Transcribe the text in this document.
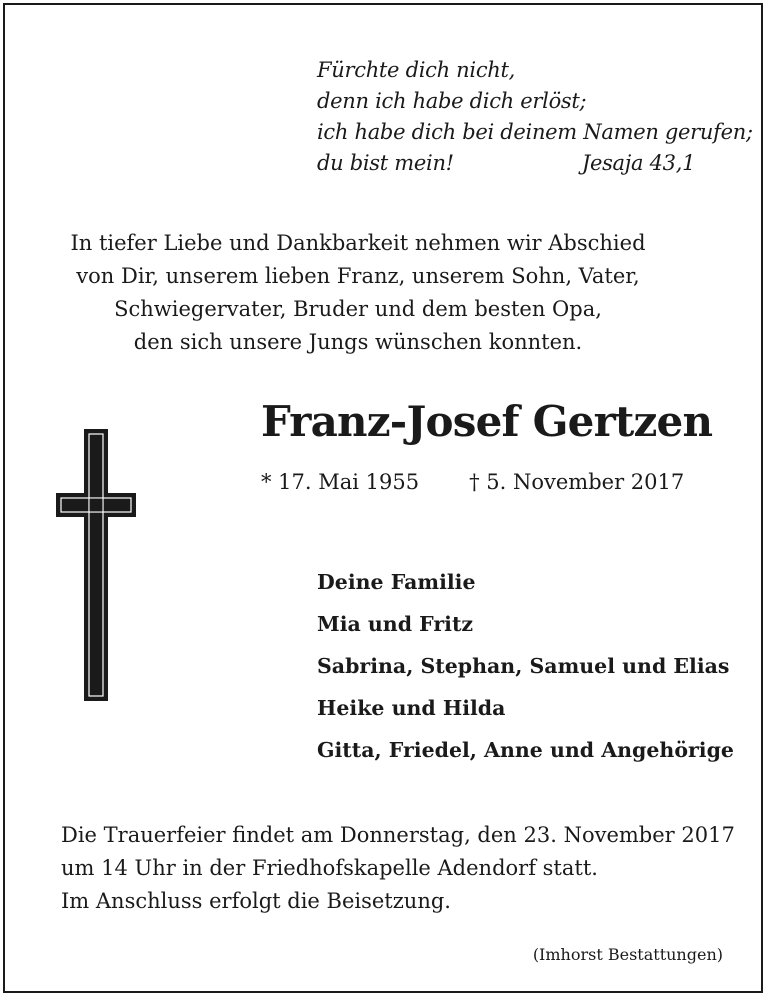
Fürchte dich nicht,
denn ich habe dich erlöst;
ich habe dich bei deinem Namen gerufen;
du bist mein!	Jesaja 43,1
In tiefer Liebe und Dankbarkeit nehmen wir Abschied
von Dir, unserem lieben Franz, unserem Sohn, Vater,
Schwiegervater, Bruder und dem besten Opa,
den sich unsere Jungs wünschen konnten.
Franz-Josef Gertzen
* 17. Mai 1955 † 5. November 2017
Deine Familie
Mia und Fritz
Sabrina, Stephan, Samuel und Elias
Heike und Hilda
Gitta, Friedel, Anne und Angehörige
Die Trauerfeier findet am Donnerstag, den 23. November 2017
um 14 Uhr in der Friedhofskapelle Adendorf statt.
Im Anschluss erfolgt die Beisetzung.
(Imhorst Bestattungen)
